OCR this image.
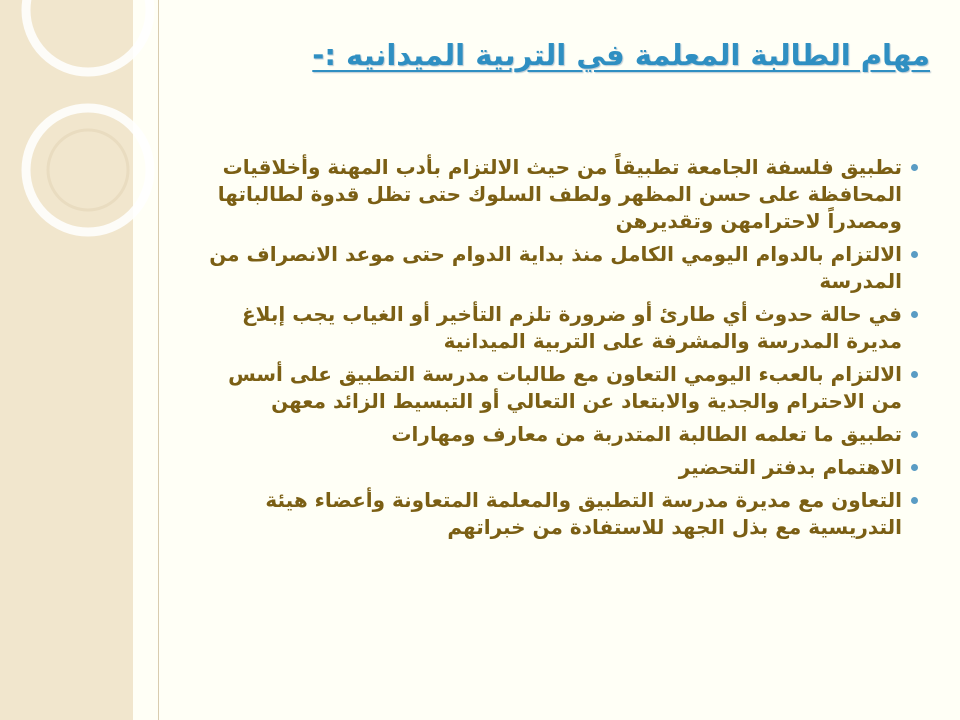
مهام الطالبة المعلمة في التربية الميدانيه :-
تطبيق فلسفة الجامعة تطبيقاً من حيث الالتزام بأدب المهنة وأخلاقيات المحافظة على حسن المظهر ولطف السلوك حتى تظل قدوة لطالباتها ومصدراً لاحترامهن وتقديرهن
الالتزام بالدوام اليومي الكامل منذ بداية الدوام حتى موعد الانصراف من المدرسة
في حالة حدوث أي طارئ أو ضرورة تلزم التأخير أو الغياب يجب إبلاغ مديرة المدرسة والمشرفة على التربية الميدانية
الالتزام بالعبء اليومي التعاون مع طالبات مدرسة التطبيق على أسس من الاحترام والجدية والابتعاد عن التعالي أو التبسيط الزائد معهن
تطبيق ما تعلمه الطالبة المتدربة من معارف ومهارات
الاهتمام بدفتر التحضير
التعاون مع مديرة مدرسة التطبيق والمعلمة المتعاونة وأعضاء هيئة التدريسية مع بذل الجهد للاستفادة من خبراتهم
